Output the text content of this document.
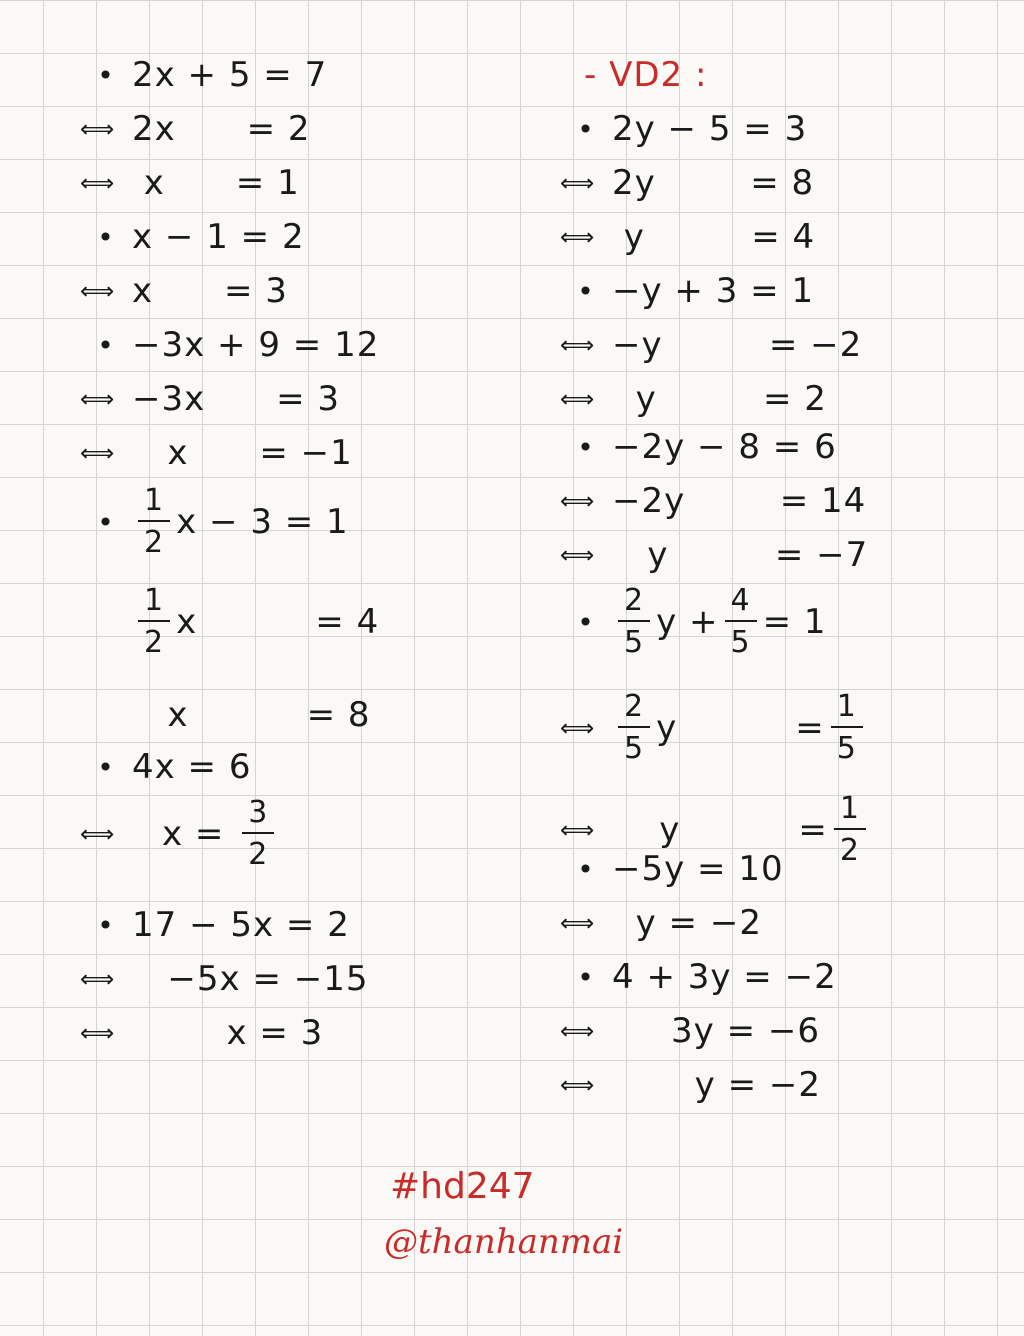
• 2x + 5 = 7
⟺ 2x      = 2
⟺ x      = 1
• x − 1 = 2
⟺ x      = 3
• −3x + 9 = 12
⟺ −3x      = 3
⟺ x      = −1
• $\frac{1}{2}$ x − 3 = 1
$\frac{1}{2}$ x          = 4
x          = 8
• 4x = 6
⟺	$x = \frac{3}{2}$
• 17 − 5x = 2
⟺ −5x = −15
⟺ x = 3
- VD2 :
• 2y − 5 = 3
⟺ 2y        = 8
⟺ y         = 4
• −y + 3 = 1
⟺ −y         = −2
⟺ y         = 2
• −2y − 8 = 6
⟺ −2y        = 14
⟺ y         = −7
• $\frac{2}{5}$ $y + \frac{4}{5} = 1$
⟺ $\frac{2}{5}$ y          = $\frac{1}{5}$
⟺ y          = $\frac{1}{2}$
• −5y = 10
⟺ y = −2
• 4 + 3y = −2
⟺ 3y = −6
⟺ y = −2
#hd247
@thanhanmai
